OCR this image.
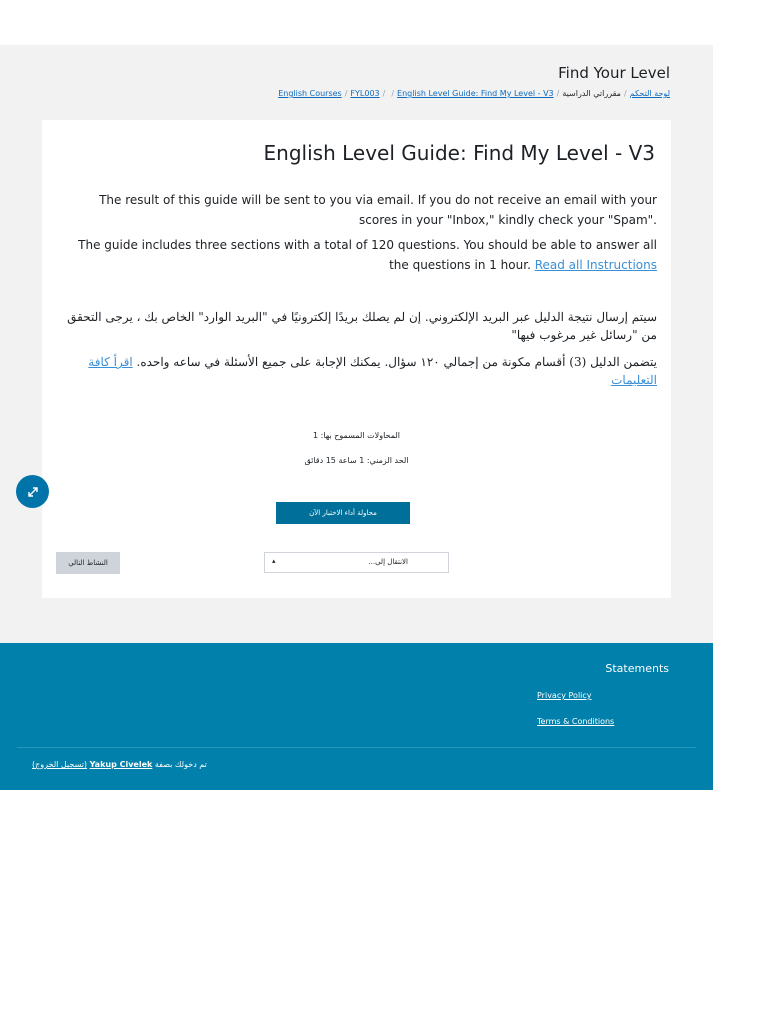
Find Your Level
لوحة التحكم/مقرراتي الدراسية/English Courses / FYL003 / / English Level Guide: Find My Level - V3
English Level Guide: Find My Level - V3
The result of this guide will be sent to you via email. If you do not receive an email with your scores in your "Inbox," kindly check your "Spam".
The guide includes three sections with a total of 120 questions. You should be able to answer all the questions in 1 hour. Read all Instructions
سيتم إرسال نتيجة الدليل عبر البريد الإلكتروني. إن لم يصلك بريدًا إلكترونيًا في "البريد الوارد" الخاص بك ، يرجى التحقق من "رسائل غير مرغوب فيها"
يتضمن الدليل (3) أقسام مكونة من إجمالي ١٢٠ سؤال. يمكنك الإجابة على جميع الأسئلة في ساعه واحده. اقرأ كافة التعليمات
المحاولات المسموح بها: 1
الحد الزمني: 1 ساعة 15 دقائق
محاولة أداء الاختبار الآن
النشاط التالي	الانتقال إلى...
▴

Statements
Privacy Policy
Terms & Conditions
تم دخولك بصفة Yakup Civelek (تسجيل الخروج)
